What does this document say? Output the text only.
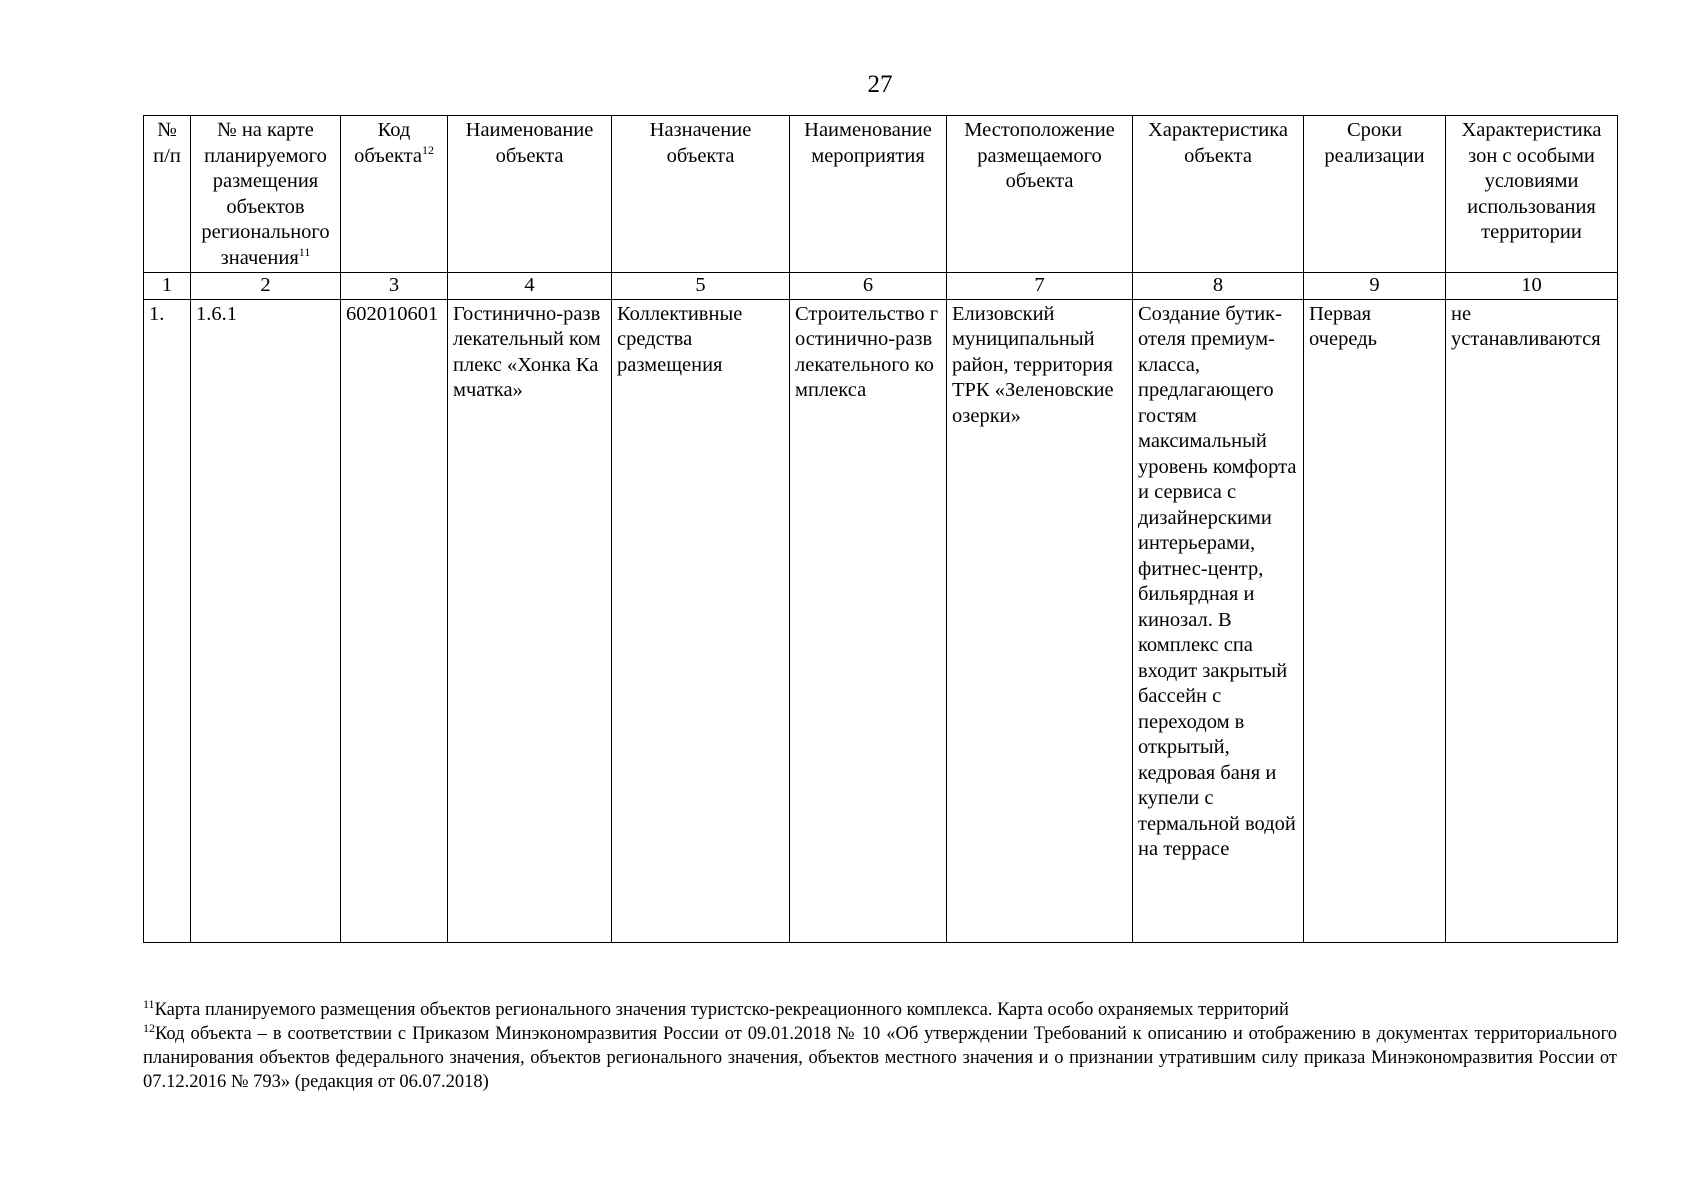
27
№ п/п	№ на карте планируемого размещения объектов регионального значения$^{11}$	Код объекта$^{12}$	Наименование объекта	Назначение объекта	Наименование мероприятия	Местоположение размещаемого объекта	Характеристика объекта	Сроки реализации	Характеристика зон с особыми условиями использования территории
1	2	3	4	5	6	7	8	9	10
1.	1.6.1	602010601	Гостинично-развлекательный комплекс «Хонка Камчатка»	Коллективные средства размещения	Строительство гостинично-развлекательного комплекса	Елизовский муниципальный район, территория ТРК «Зеленовские озерки»	Создание бутик-отеля премиум-класса, предлагающего гостям максимальный уровень комфорта и сервиса с дизайнерскими интерьерами, фитнес-центр, бильярдная и кинозал. В комплекс спа входит закрытый бассейн с переходом в открытый, кедровая баня и купели с термальной водой на террасе	Первая очередь	не устанавливаются

$^{11}$Карта планируемого размещения объектов регионального значения туристско-рекреационного комплекса. Карта особо охраняемых территорий

$^{12}$Код объекта – в соответствии с Приказом Минэкономразвития России от 09.01.2018 № 10 «Об утверждении Требований к описанию и отображению в документах территориального планирования объектов федерального значения, объектов регионального значения, объектов местного значения и о признании утратившим силу приказа Минэкономразвития России от 07.12.2016 № 793» (редакция от 06.07.2018)
